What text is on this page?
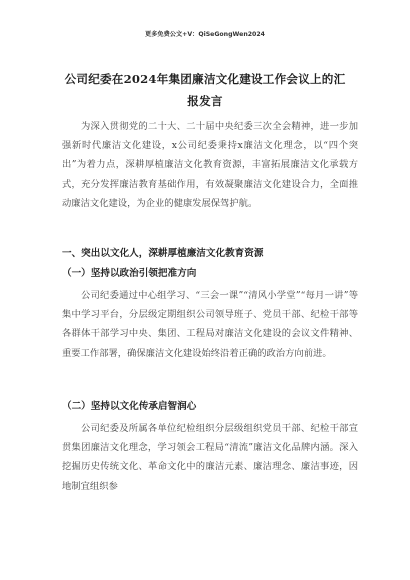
更多免费公文+V：QiSeGongWen2024
公司纪委在2024年集团廉洁文化建设工作会议上的汇报发言
为深入贯彻党的二十大、二十届中央纪委三次全会精神，进一步加强新时代廉洁文化建设，x公司纪委秉持x廉洁文化理念，以“四个突出”为着力点，深耕厚植廉洁文化教育资源，丰富拓展廉洁文化承载方式，充分发挥廉洁教育基础作用，有效凝聚廉洁文化建设合力，全面推动廉洁文化建设，为企业的健康发展保驾护航。
一、突出以文化人，深耕厚植廉洁文化教育资源
（一）坚持以政治引领把准方向
公司纪委通过中心组学习、“三会一课”“清风小学堂”“每月一讲”等集中学习平台，分层级定期组织公司领导班子、党员干部、纪检干部等各群体干部学习中央、集团、工程局对廉洁文化建设的会议文件精神、重要工作部署，确保廉洁文化建设始终沿着正确的政治方向前进。
（二）坚持以文化传承启智润心
公司纪委及所属各单位纪检组织分层级组织党员干部、纪检干部宣贯集团廉洁文化理念，学习领会工程局“清流”廉洁文化品牌内涵。深入挖掘历史传统文化、革命文化中的廉洁元素、廉洁理念、廉洁事迹，因地制宜组织参
